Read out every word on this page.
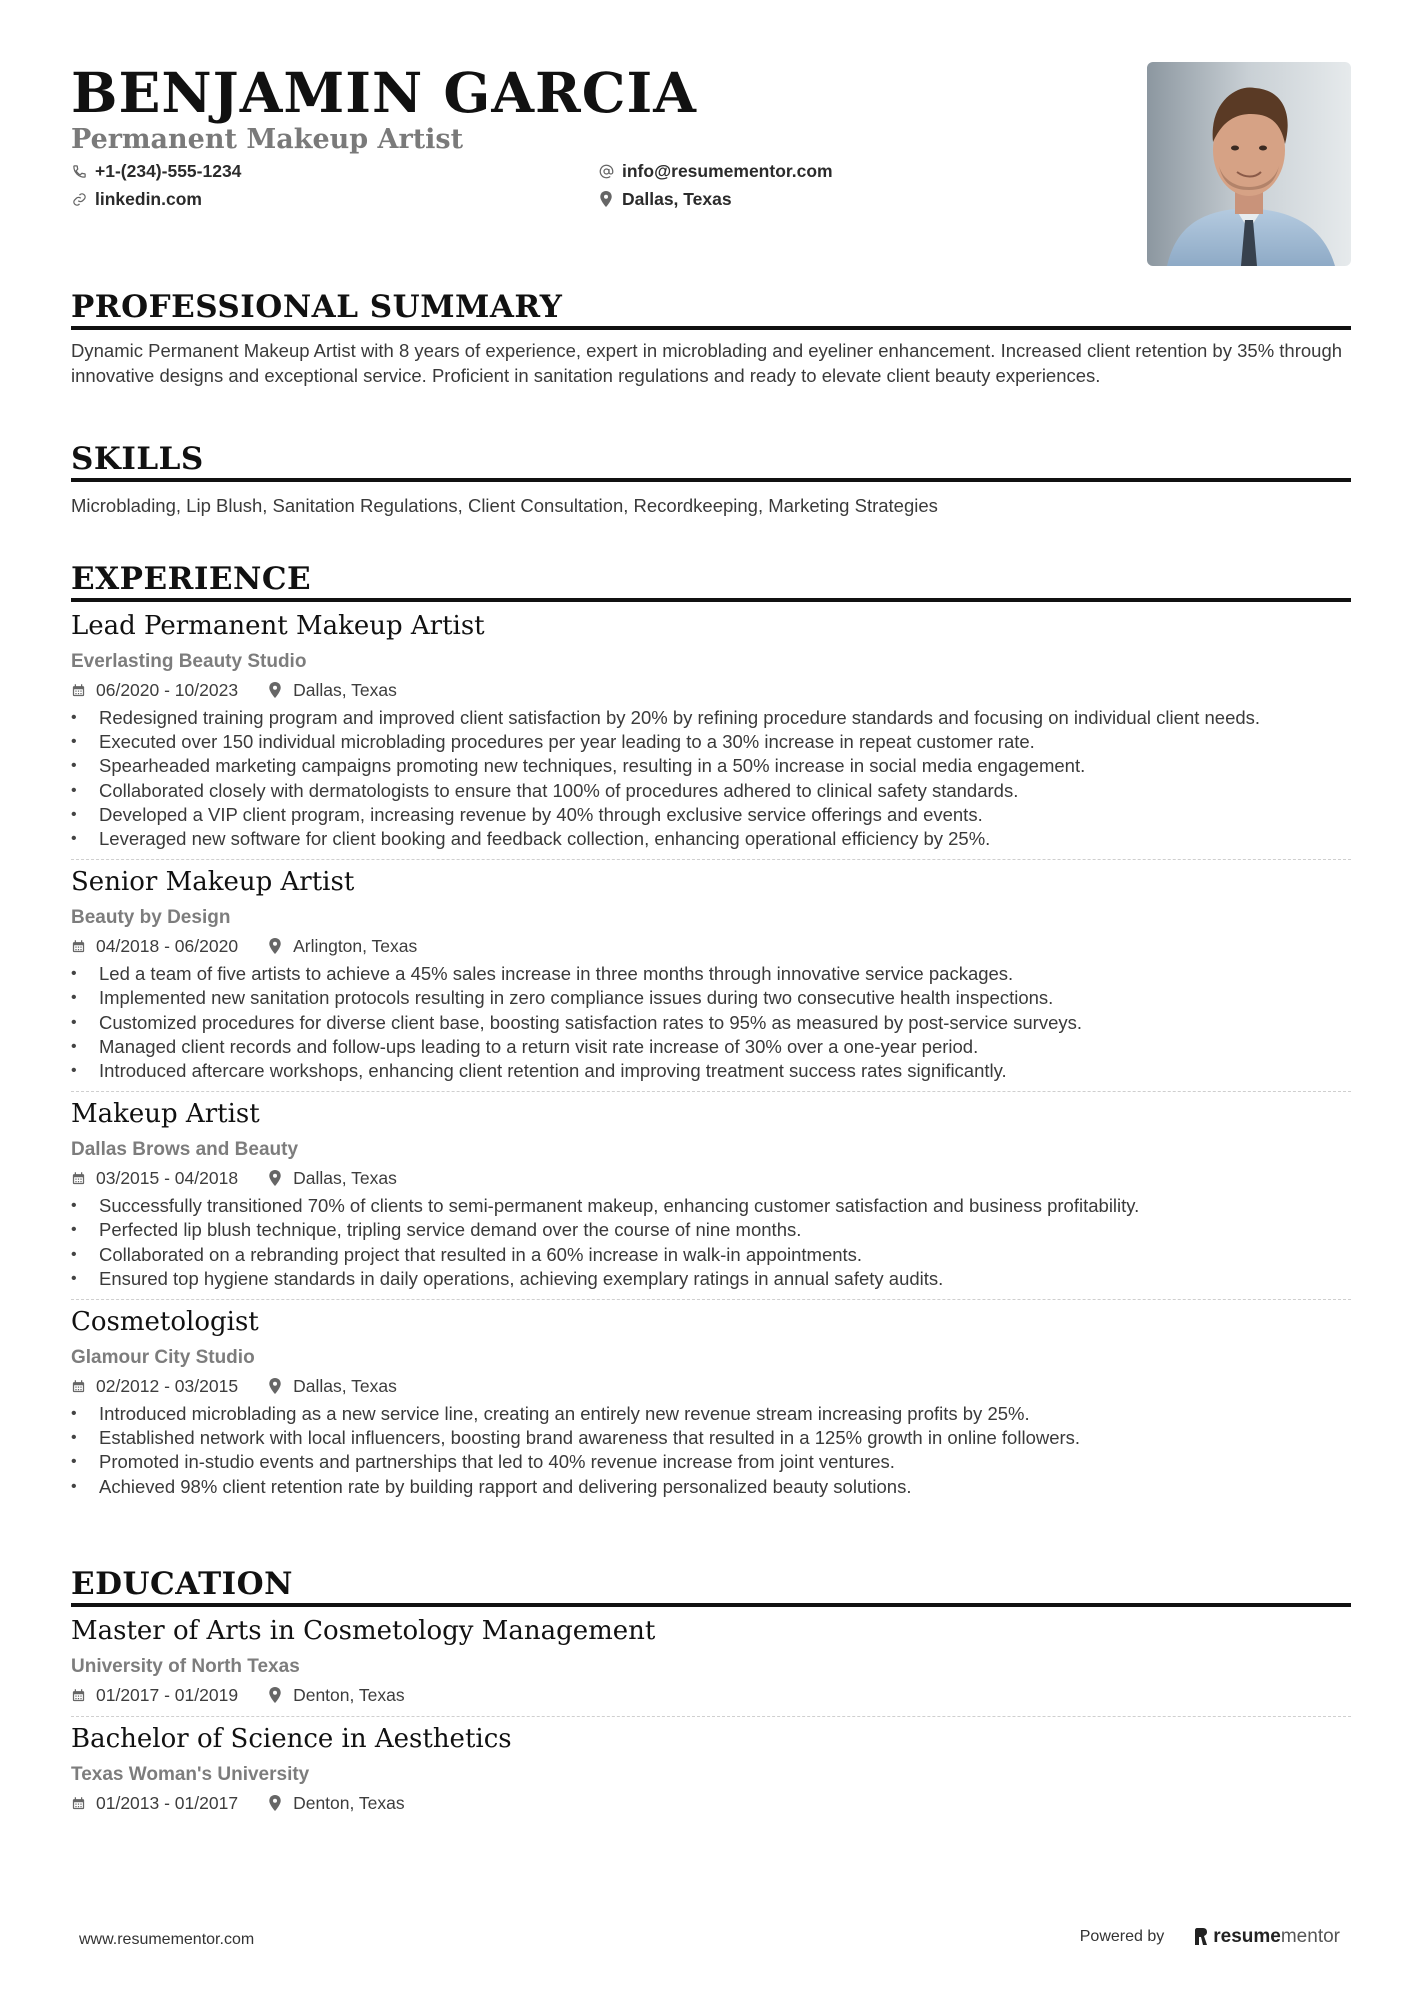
BENJAMIN GARCIA
Permanent Makeup Artist
+1-(234)-555-1234	info@resumementor.com
linkedin.com	Dallas, Texas
PROFESSIONAL SUMMARY
Dynamic Permanent Makeup Artist with 8 years of experience, expert in microblading and eyeliner enhancement. Increased client retention by 35% through innovative designs and exceptional service. Proficient in sanitation regulations and ready to elevate client beauty experiences.
SKILLS
Microblading, Lip Blush, Sanitation Regulations, Client Consultation, Recordkeeping, Marketing Strategies
EXPERIENCE
Lead Permanent Makeup Artist
Everlasting Beauty Studio
06/2020 - 10/2023	Dallas, Texas
• Redesigned training program and improved client satisfaction by 20% by refining procedure standards and focusing on individual client needs.
• Executed over 150 individual microblading procedures per year leading to a 30% increase in repeat customer rate.
• Spearheaded marketing campaigns promoting new techniques, resulting in a 50% increase in social media engagement.
• Collaborated closely with dermatologists to ensure that 100% of procedures adhered to clinical safety standards.
• Developed a VIP client program, increasing revenue by 40% through exclusive service offerings and events.
• Leveraged new software for client booking and feedback collection, enhancing operational efficiency by 25%.
Senior Makeup Artist
Beauty by Design
04/2018 - 06/2020	Arlington, Texas
• Led a team of five artists to achieve a 45% sales increase in three months through innovative service packages.
• Implemented new sanitation protocols resulting in zero compliance issues during two consecutive health inspections.
• Customized procedures for diverse client base, boosting satisfaction rates to 95% as measured by post-service surveys.
• Managed client records and follow-ups leading to a return visit rate increase of 30% over a one-year period.
• Introduced aftercare workshops, enhancing client retention and improving treatment success rates significantly.
Makeup Artist
Dallas Brows and Beauty
03/2015 - 04/2018	Dallas, Texas
• Successfully transitioned 70% of clients to semi-permanent makeup, enhancing customer satisfaction and business profitability.
• Perfected lip blush technique, tripling service demand over the course of nine months.
• Collaborated on a rebranding project that resulted in a 60% increase in walk-in appointments.
• Ensured top hygiene standards in daily operations, achieving exemplary ratings in annual safety audits.
Cosmetologist
Glamour City Studio
02/2012 - 03/2015	Dallas, Texas
• Introduced microblading as a new service line, creating an entirely new revenue stream increasing profits by 25%.
• Established network with local influencers, boosting brand awareness that resulted in a 125% growth in online followers.
• Promoted in-studio events and partnerships that led to 40% revenue increase from joint ventures.
• Achieved 98% client retention rate by building rapport and delivering personalized beauty solutions.
EDUCATION
Master of Arts in Cosmetology Management
University of North Texas
01/2017 - 01/2019	Denton, Texas
Bachelor of Science in Aesthetics
Texas Woman's University
01/2013 - 01/2017	Denton, Texas
www.resumementor.com	Powered by	resume mentor
